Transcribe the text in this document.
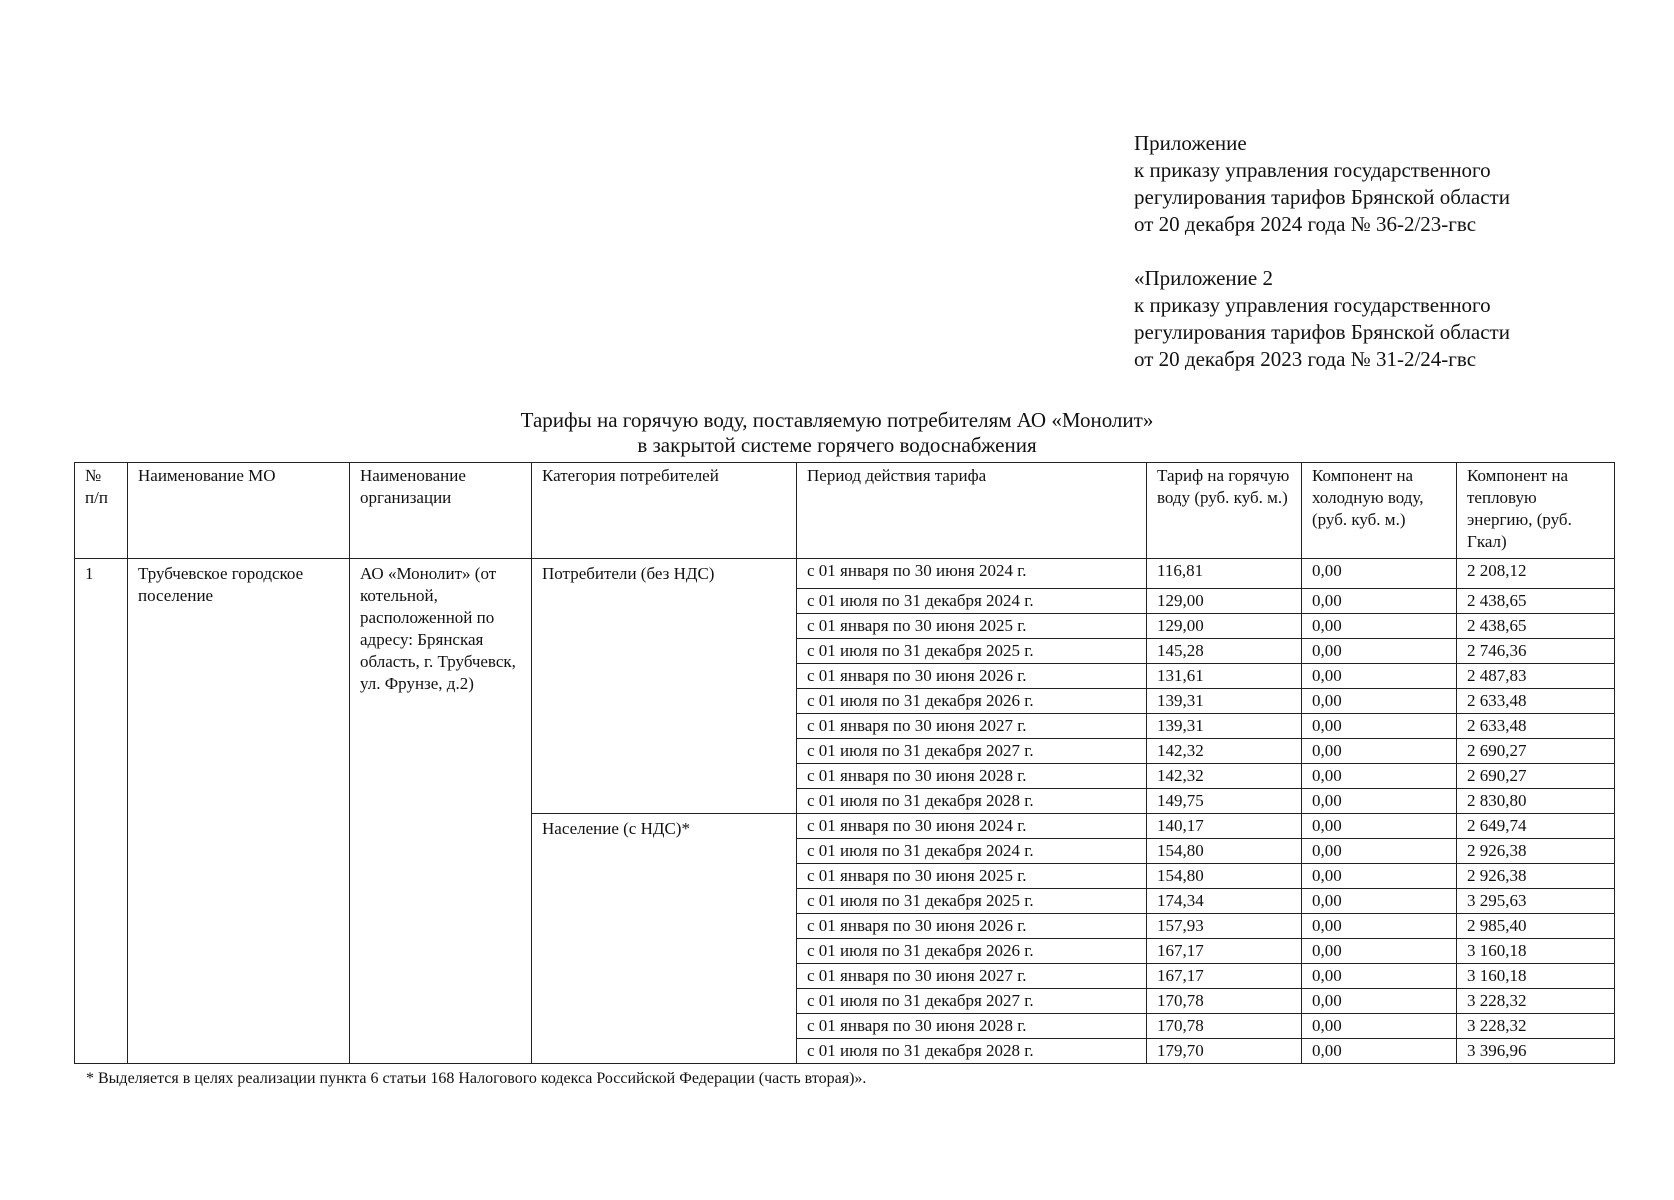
Приложение
к приказу управления государственного
регулирования тарифов Брянской области
от 20 декабря 2024 года № 36-2/23-гвс
«Приложение 2
к приказу управления государственного
регулирования тарифов Брянской области
от 20 декабря 2023 года № 31-2/24-гвс
Тарифы на горячую воду, поставляемую потребителям АО «Монолит»
в закрытой системе горячего водоснабжения
№ п/п	Наименование МО	Наименование организации	Категория потребителей	Период действия тарифа	Тариф на горячую воду (руб. куб. м.)	Компонент на холодную воду, (руб. куб. м.)	Компонент на тепловую энергию, (руб. Гкал)
1	Трубчевское городское поселение	АО «Монолит» (от котельной, расположенной по адресу: Брянская область, г. Трубчевск, ул. Фрунзе, д.2)	Потребители (без НДС)	с 01 января по 30 июня 2024 г.	116,81	0,00	2 208,12
				с 01 июля по 31 декабря 2024 г.	129,00	0,00	2 438,65
				с 01 января по 30 июня 2025 г.	129,00	0,00	2 438,65
				с 01 июля по 31 декабря 2025 г.	145,28	0,00	2 746,36
				с 01 января по 30 июня 2026 г.	131,61	0,00	2 487,83
				с 01 июля по 31 декабря 2026 г.	139,31	0,00	2 633,48
				с 01 января по 30 июня 2027 г.	139,31	0,00	2 633,48
				с 01 июля по 31 декабря 2027 г.	142,32	0,00	2 690,27
				с 01 января по 30 июня 2028 г.	142,32	0,00	2 690,27
				с 01 июля по 31 декабря 2028 г.	149,75	0,00	2 830,80
			Население (с НДС)*	с 01 января по 30 июня 2024 г.	140,17	0,00	2 649,74
				с 01 июля по 31 декабря 2024 г.	154,80	0,00	2 926,38
				с 01 января по 30 июня 2025 г.	154,80	0,00	2 926,38
				с 01 июля по 31 декабря 2025 г.	174,34	0,00	3 295,63
				с 01 января по 30 июня 2026 г.	157,93	0,00	2 985,40
				с 01 июля по 31 декабря 2026 г.	167,17	0,00	3 160,18
				с 01 января по 30 июня 2027 г.	167,17	0,00	3 160,18
				с 01 июля по 31 декабря 2027 г.	170,78	0,00	3 228,32
				с 01 января по 30 июня 2028 г.	170,78	0,00	3 228,32
				с 01 июля по 31 декабря 2028 г.	179,70	0,00	3 396,96
* Выделяется в целях реализации пункта 6 статьи 168 Налогового кодекса Российской Федерации (часть вторая)».
